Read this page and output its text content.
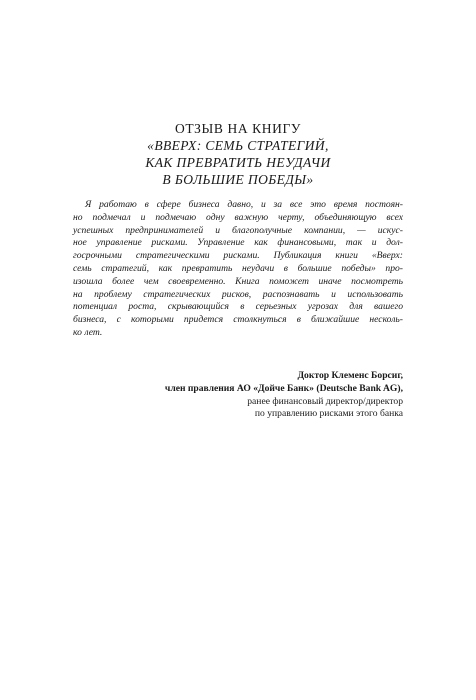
ОТЗЫВ НА КНИГУ
«ВВЕРХ: СЕМЬ СТРАТЕГИЙ,
КАК ПРЕВРАТИТЬ НЕУДАЧИ
В БОЛЬШИЕ ПОБЕДЫ»
Я работаю в сфере бизнеса давно, и за все это время постоян-
но подмечал и подмечаю одну важную черту, объединяющую всех
успешных предпринимателей и благополучные компании, — искус-
ное управление рисками. Управление как финансовыми, так и дол-
госрочными стратегическими рисками. Публикация книги «Вверх:
семь стратегий, как превратить неудачи в большие победы» про-
изошла более чем своевременно. Книга поможет иначе посмотреть
на проблему стратегических рисков, распознавать и использовать
потенциал роста, скрывающийся в серьезных угрозах для вашего
бизнеса, с которыми придется столкнуться в ближайшие несколь-
ко лет.
Доктор Клеменс Борсиг,
член правления АО «Дойче Банк» (Deutsche Bank AG),
ранее финансовый директор/директор
по управлению рисками этого банка
